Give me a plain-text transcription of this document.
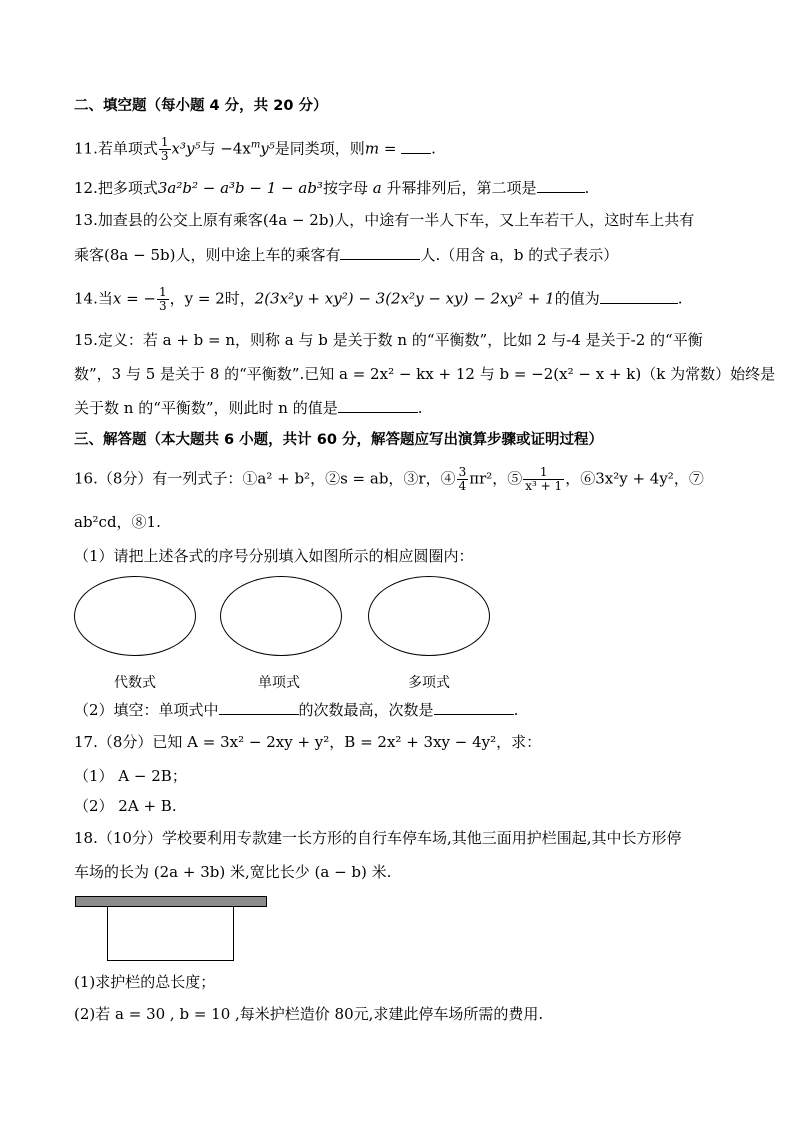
二、填空题（每小题 4 分，共 20 分）
11.若单项式 $\frac{1}{3} x^3y^5$与 $-4x^my^5$是同类项，则m = .
12.把多项式3a²b² − a³b − 1 − ab³按字母 a 升幂排列后，第二项是	.
13.加查县的公交上原有乘客(4a − 2b)人，中途有一半人下车，又上车若干人，这时车上共有
乘客(8a − 5b)人，则中途上车的乘客有	人.（用含 a，b 的式子表示）
14.当x = − $\frac{1}{3}$ ，y = 2时，2(3x²y + xy²) − 3(2x²y − xy) − 2xy² + 1的值为	.
15.定义：若 a + b = n，则称 a 与 b 是关于数 n 的“平衡数”，比如 2 与-4 是关于-2 的“平衡
数”，3 与 5 是关于 8 的“平衡数”.已知 a = 2x² − kx + 12 与 b = −2(x² − x + k)（k 为常数）始终是
关于数 n 的“平衡数”，则此时 n 的值是	.
三、解答题（本大题共 6 小题，共计 60 分，解答题应写出演算步骤或证明过程）
16.（8分）有一列式子：①a² + b²，②s = ab，③r，④ $\frac{3}{4} \pi r^2$，⑤ $\frac{1}{\text{x³ + 1}}$ ，⑥3x²y + 4y²，⑦
ab²cd，⑧1.
（1）请把上述各式的序号分别填入如图所示的相应圆圈内：
代数式	单项式	多项式
（2）填空：单项式中	的次数最高，次数是	.
17.（8分）已知 A = 3x² − 2xy + y²，B = 2x² + 3xy − 4y²，求：
（1） A − 2B；
（2） 2A + B.
18.（10分）学校要利用专款建一长方形的自行车停车场,其他三面用护栏围起,其中长方形停
车场的长为 (2a + 3b) 米,宽比长少 (a − b) 米.
(1)求护栏的总长度；
(2)若 a = 30 , b = 10 ,每米护栏造价 80元,求建此停车场所需的费用.
